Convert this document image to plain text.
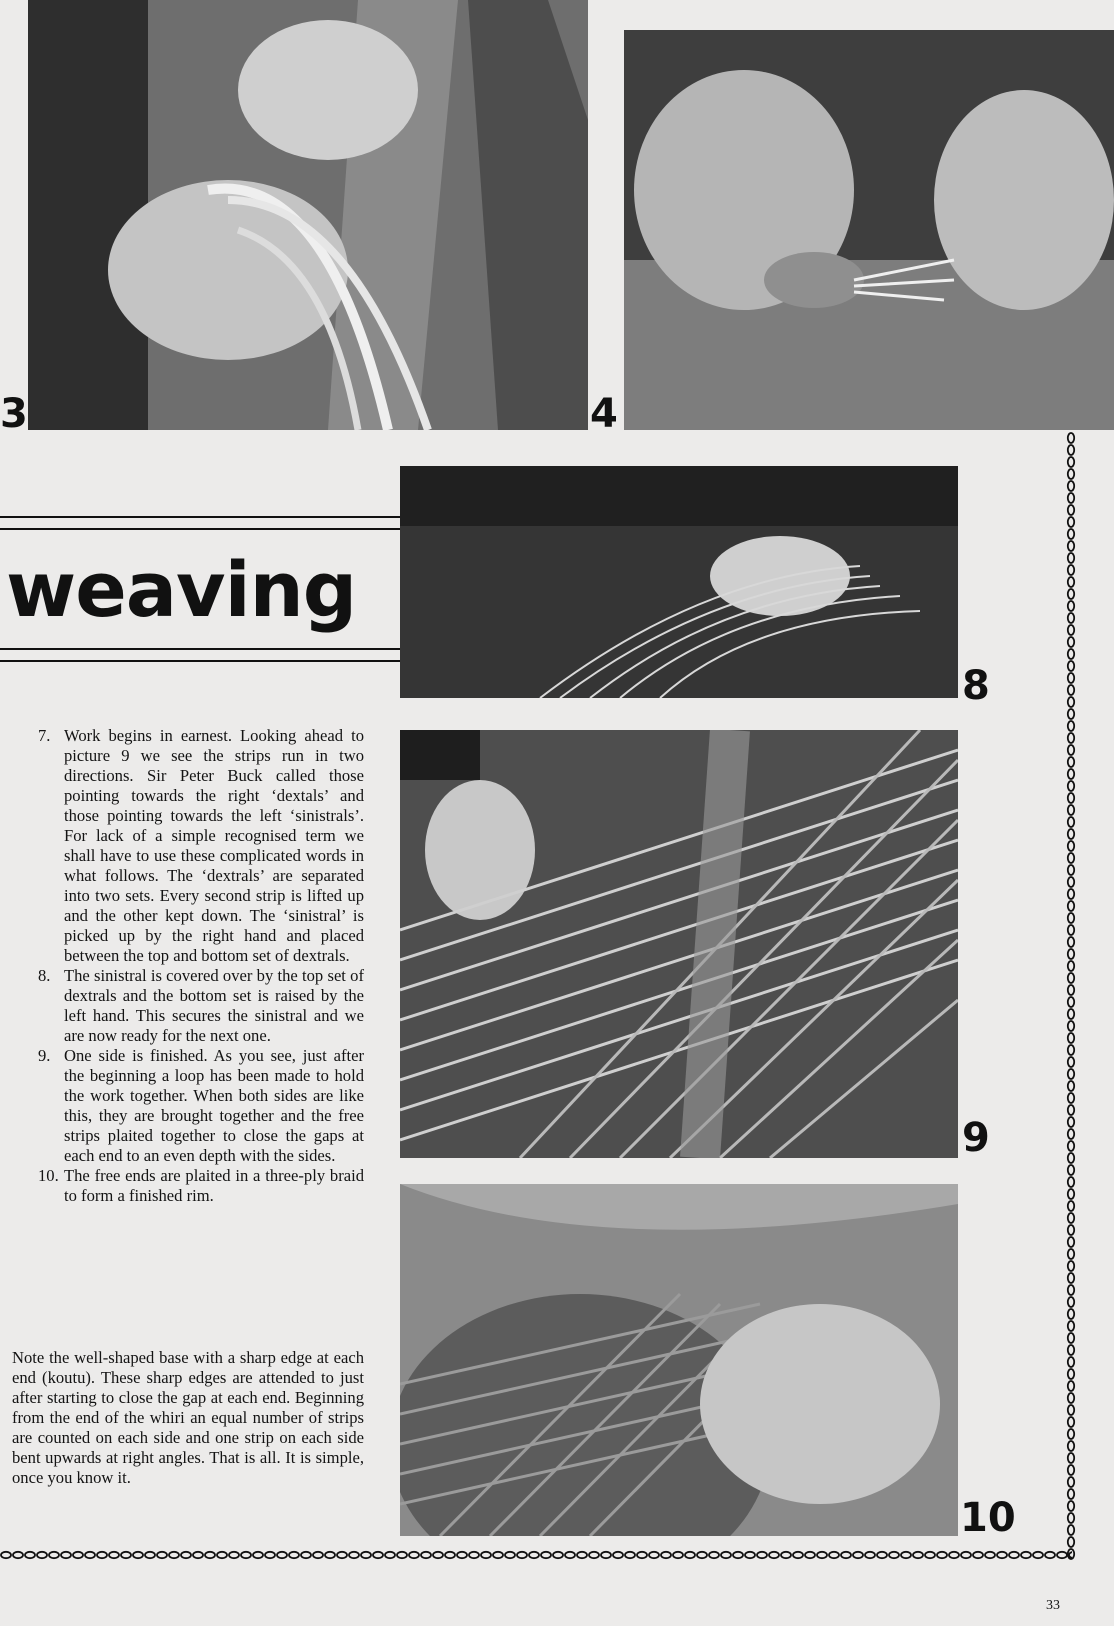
3	4
8
9
10
weaving
7. Work begins in earnest. Looking ahead to picture 9 we see the strips run in two directions. Sir Peter Buck called those pointing towards the right ‘dextals’ and those pointing towards the left ‘sinistrals’. For lack of a simple recognised term we shall have to use these complicated words in what follows. The ‘dextrals’ are separated into two sets. Every second strip is lifted up and the other kept down. The ‘sinistral’ is picked up by the right hand and placed between the top and bottom set of dextrals.
8. The sinistral is covered over by the top set of dextrals and the bottom set is raised by the left hand. This secures the sinistral and we are now ready for the next one.
9. One side is finished. As you see, just after the beginning a loop has been made to hold the work together. When both sides are like this, they are brought together and the free strips plaited together to close the gaps at each end to an even depth with the sides.
10. The free ends are plaited in a three-ply braid to form a finished rim.

Note the well-shaped base with a sharp edge at each end (koutu). These sharp edges are attended to just after starting to close the gap at each end. Beginning from the end of the whiri an equal number of strips are counted on each side and one strip on each side bent upwards at right angles. That is all. It is simple, once you know it.

33
